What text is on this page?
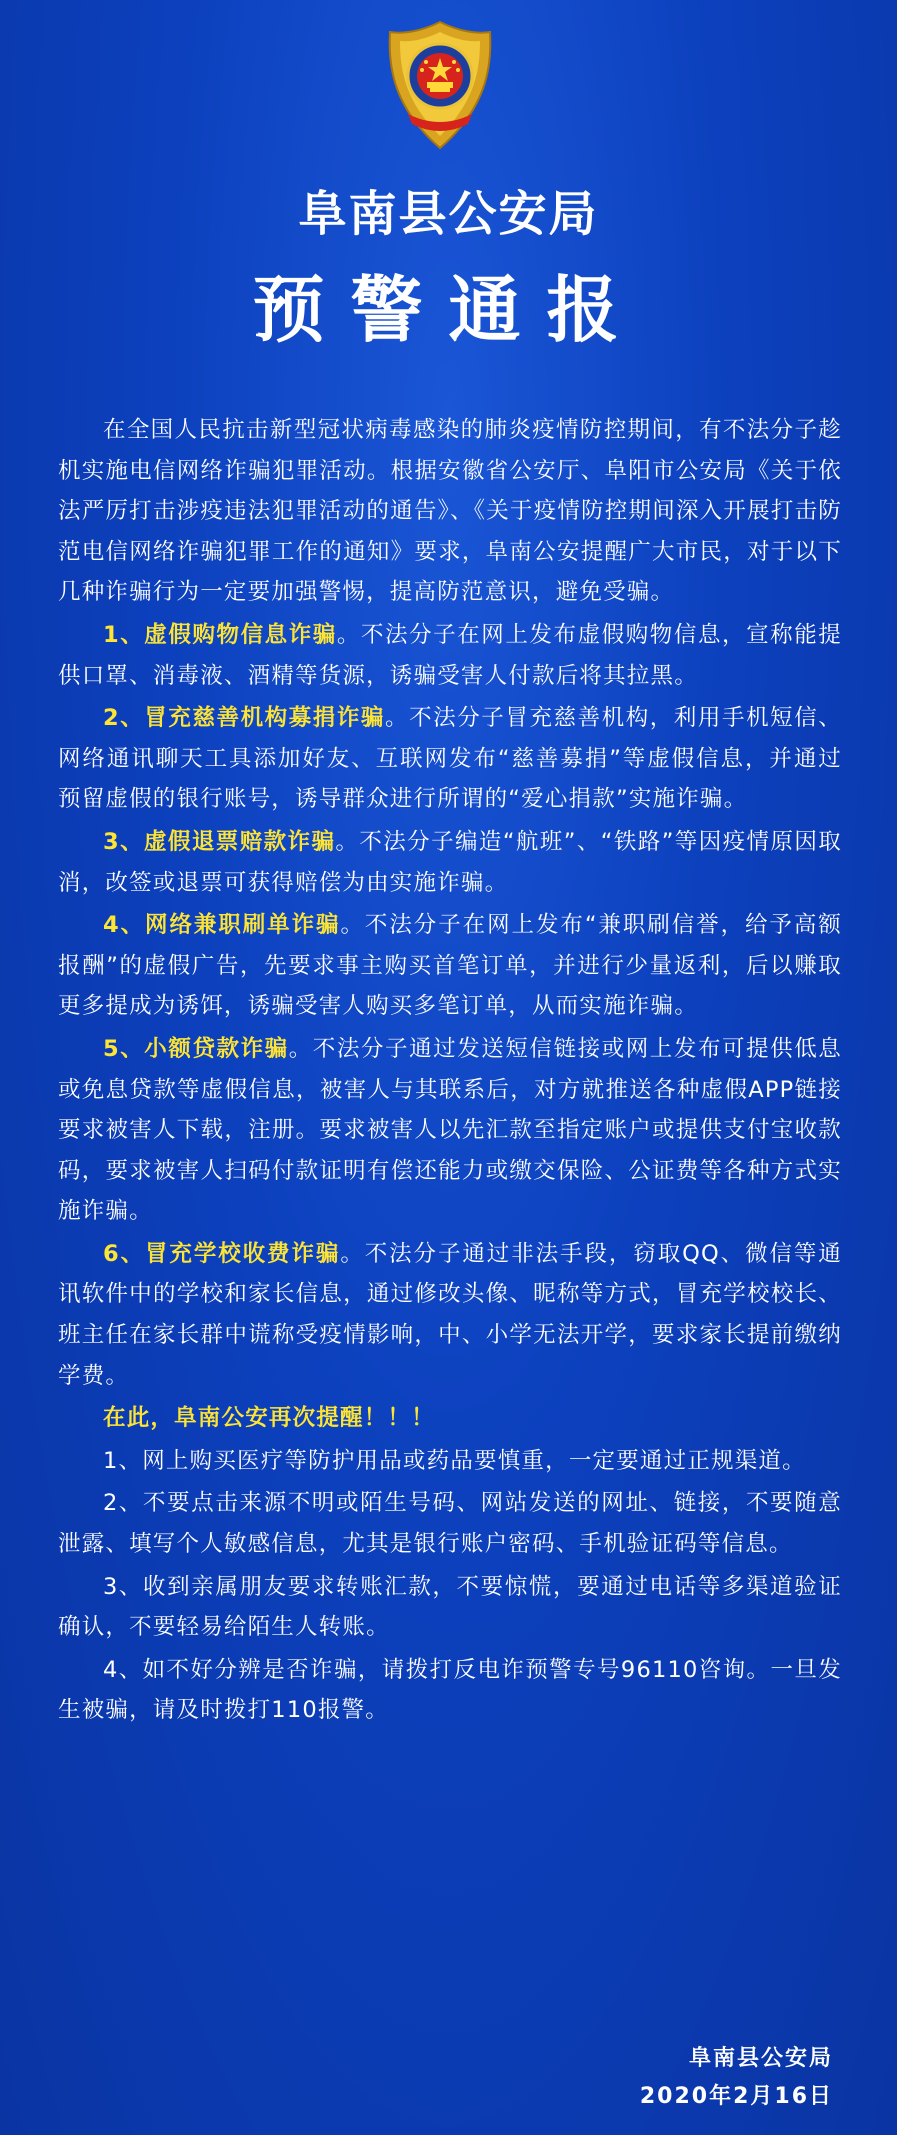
阜南县公安局
预警通报

在全国人民抗击新型冠状病毒感染的肺炎疫情防控期间，有不法分子趁机实施电信网络诈骗犯罪活动。根据安徽省公安厅、阜阳市公安局《关于依法严厉打击涉疫违法犯罪活动的通告》、《关于疫情防控期间深入开展打击防范电信网络诈骗犯罪工作的通知》要求，阜南公安提醒广大市民，对于以下几种诈骗行为一定要加强警惕，提高防范意识，避免受骗。

1、虚假购物信息诈骗。不法分子在网上发布虚假购物信息，宣称能提供口罩、消毒液、酒精等货源，诱骗受害人付款后将其拉黑。

2、冒充慈善机构募捐诈骗。不法分子冒充慈善机构，利用手机短信、网络通讯聊天工具添加好友、互联网发布“慈善募捐”等虚假信息，并通过预留虚假的银行账号，诱导群众进行所谓的“爱心捐款”实施诈骗。

3、虚假退票赔款诈骗。不法分子编造“航班”、“铁路”等因疫情原因取消，改签或退票可获得赔偿为由实施诈骗。

4、网络兼职刷单诈骗。不法分子在网上发布“兼职刷信誉，给予高额报酬”的虚假广告，先要求事主购买首笔订单，并进行少量返利，后以赚取更多提成为诱饵，诱骗受害人购买多笔订单，从而实施诈骗。

5、小额贷款诈骗。不法分子通过发送短信链接或网上发布可提供低息或免息贷款等虚假信息，被害人与其联系后，对方就推送各种虚假APP链接要求被害人下载，注册。要求被害人以先汇款至指定账户或提供支付宝收款码，要求被害人扫码付款证明有偿还能力或缴交保险、公证费等各种方式实施诈骗。

6、冒充学校收费诈骗。不法分子通过非法手段，窃取QQ、微信等通讯软件中的学校和家长信息，通过修改头像、昵称等方式，冒充学校校长、班主任在家长群中谎称受疫情影响，中、小学无法开学，要求家长提前缴纳学费。

在此，阜南公安再次提醒！！！

1、网上购买医疗等防护用品或药品要慎重，一定要通过正规渠道。

2、不要点击来源不明或陌生号码、网站发送的网址、链接，不要随意泄露、填写个人敏感信息，尤其是银行账户密码、手机验证码等信息。

3、收到亲属朋友要求转账汇款，不要惊慌，要通过电话等多渠道验证确认，不要轻易给陌生人转账。

4、如不好分辨是否诈骗，请拨打反电诈预警专号96110咨询。一旦发生被骗，请及时拨打110报警。

阜南县公安局
2020年2月16日
